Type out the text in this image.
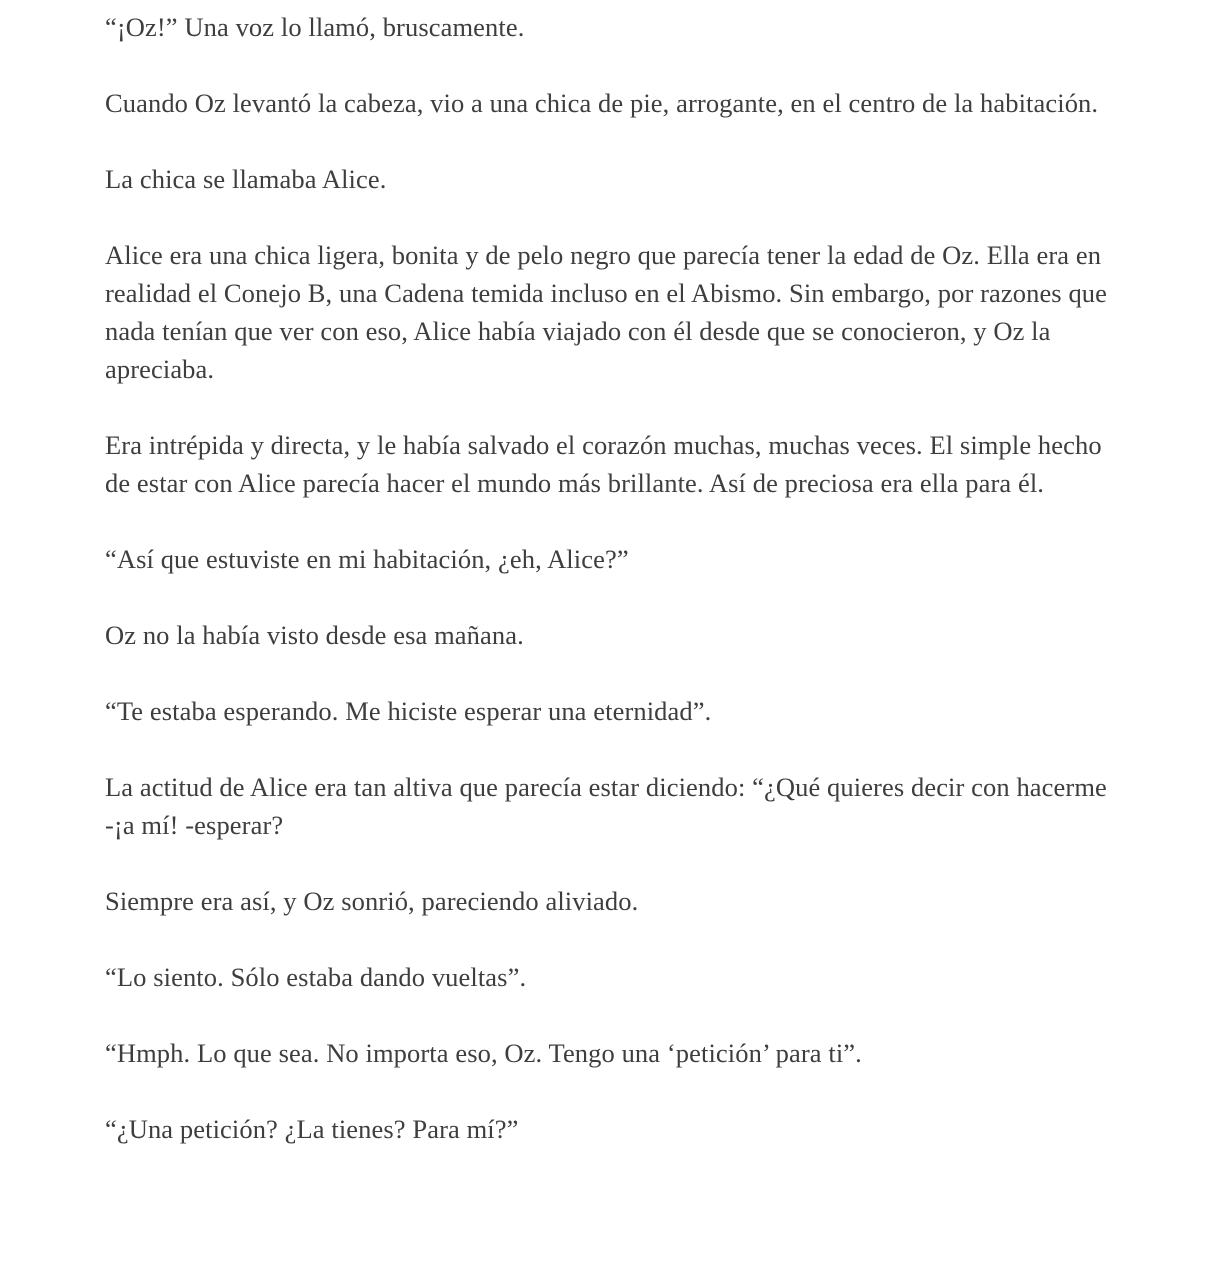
“¡Oz!” Una voz lo llamó, bruscamente.

Cuando Oz levantó la cabeza, vio a una chica de pie, arrogante, en el centro de la habitación.

La chica se llamaba Alice.

Alice era una chica ligera, bonita y de pelo negro que parecía tener la edad de Oz. Ella era en realidad el Conejo B, una Cadena temida incluso en el Abismo. Sin embargo, por razones que nada tenían que ver con eso, Alice había viajado con él desde que se conocieron, y Oz la apreciaba.

Era intrépida y directa, y le había salvado el corazón muchas, muchas veces. El simple hecho de estar con Alice parecía hacer el mundo más brillante. Así de preciosa era ella para él.

“Así que estuviste en mi habitación, ¿eh, Alice?”

Oz no la había visto desde esa mañana.

“Te estaba esperando. Me hiciste esperar una eternidad”.

La actitud de Alice era tan altiva que parecía estar diciendo: “¿Qué quieres decir con hacerme -¡a mí! -esperar?

Siempre era así, y Oz sonrió, pareciendo aliviado.

“Lo siento. Sólo estaba dando vueltas”.

“Hmph. Lo que sea. No importa eso, Oz. Tengo una ‘petición’ para ti”.

“¿Una petición? ¿La tienes? Para mí?”
